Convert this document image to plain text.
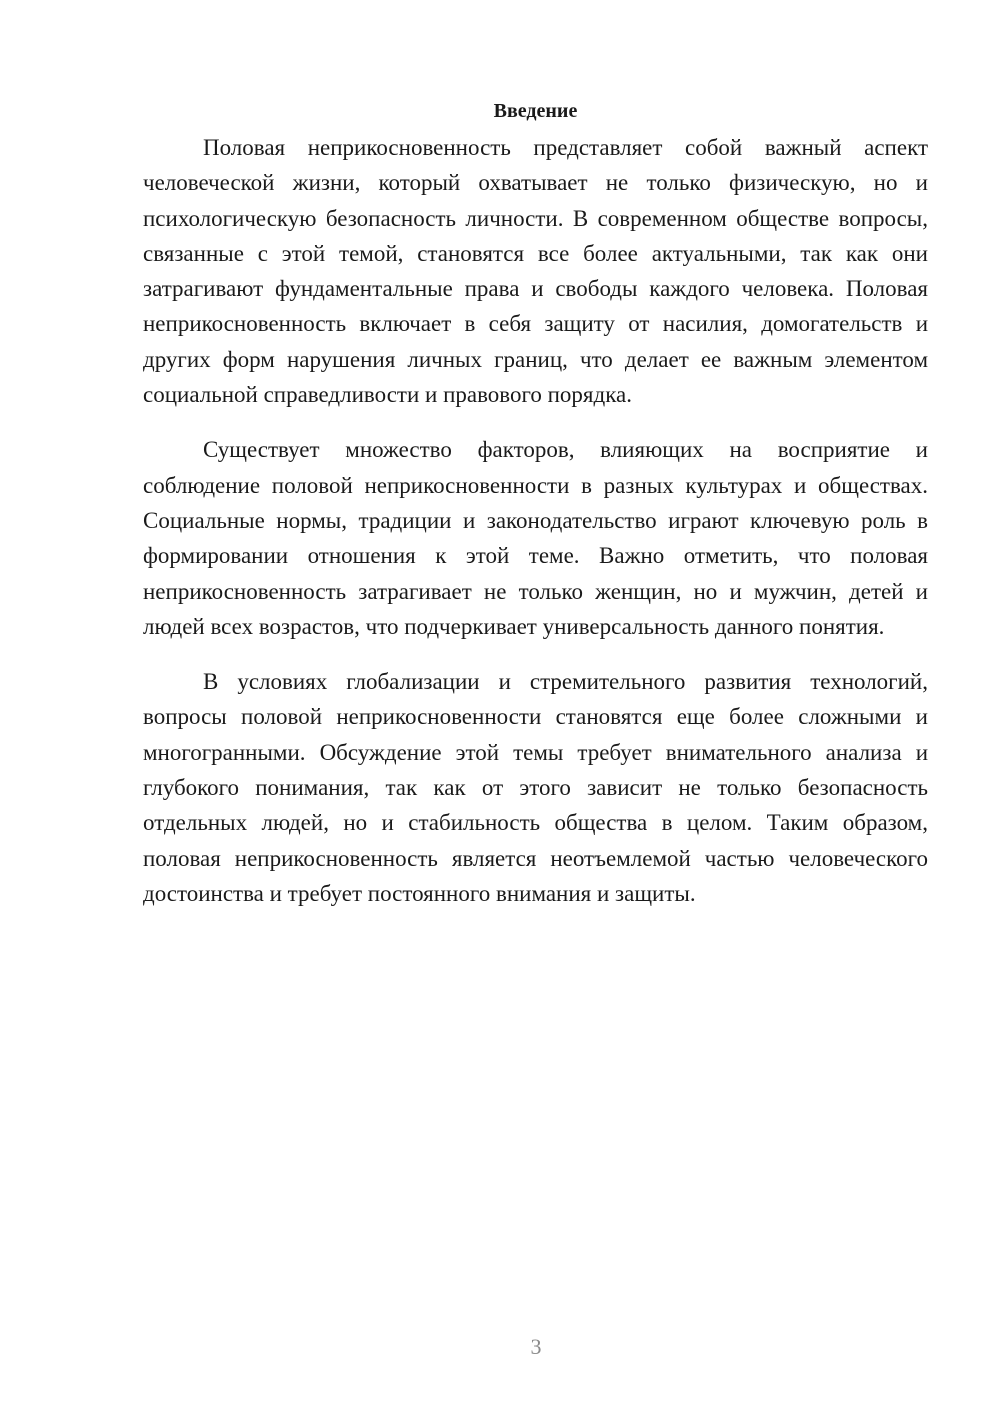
Введение

Половая неприкосновенность представляет собой важный аспект человеческой жизни, который охватывает не только физическую, но и психологическую безопасность личности. В современном обществе вопросы, связанные с этой темой, становятся все более актуальными, так как они затрагивают фундаментальные права и свободы каждого человека. Половая неприкосновенность включает в себя защиту от насилия, домогательств и других форм нарушения личных границ, что делает ее важным элементом социальной справедливости и правового порядка.

Существует множество факторов, влияющих на восприятие и соблюдение половой неприкосновенности в разных культурах и обществах. Социальные нормы, традиции и законодательство играют ключевую роль в формировании отношения к этой теме. Важно отметить, что половая неприкосновенность затрагивает не только женщин, но и мужчин, детей и людей всех возрастов, что подчеркивает универсальность данного понятия.

В условиях глобализации и стремительного развития технологий, вопросы половой неприкосновенности становятся еще более сложными и многогранными. Обсуждение этой темы требует внимательного анализа и глубокого понимания, так как от этого зависит не только безопасность отдельных людей, но и стабильность общества в целом. Таким образом, половая неприкосновенность является неотъемлемой частью человеческого достоинства и требует постоянного внимания и защиты.

3
